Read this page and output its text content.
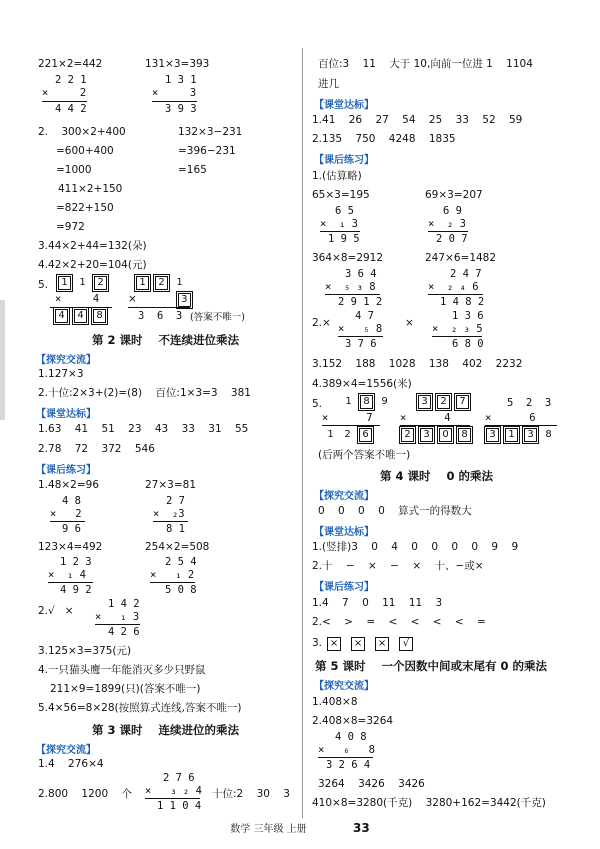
221×2=442	131×3=393
2 2 1
×     2
4 4 2
1 3 1
×     3
3 9 3
2.    300×2+400	132×3−231
=600+400	=396−231
=1000	=165
411×2+150
=822+150
=972
3.44×2+44=132(朵)
4.42×2+20=104(元)
5.	1 1 2
×     4
4 4 8
1 2 1
×	3
3  6  3 (答案不唯一)
第 2 课时    不连续进位乘法
【探究交流】
1.127×3
2.十位:2×3+(2)=(8)    百位:1×3=3    381
【课堂达标】
1.63    41    51    23    43    33    31    55
2.78    72    372    546
【课后练习】
1.48×2=96	27×3=81
4 8
×   2
9 6
2 7
×  ₂3
8 1
123×4=492	254×2=508
1 2 3
×  ₁ 4
4 9 2
2 5 4
×   ₁ 2
5 0 8
2.√   ×
1 4 2
×   ₁ 3
4 2 6
3.125×3=375(元)
4.一只猫头鹰一年能消灭多少只野鼠
211×9=1899(只)(答案不唯一)
5.4×56=8×28(按照算式连线,答案不唯一)
第 3 课时    连续进位的乘法
【探究交流】
1.4    276×4
2 7 6
×   ₃ ₂ 4
1 1 0 4
2.800    1200    个	十位:2    30    3
百位:3    11    大于 10,向前一位进 1    1104
进几
【课堂达标】
1.41    26    27    54    25    33    52    59
2.135    750    4248    1835
【课后练习】
1.(估算略)
65×3=195	69×3=207
6 5
×  ₁ 3
1 9 5
6 9
×  ₂ 3
2 0 7
364×8=2912	247×6=1482
3 6 4
×  ₅ ₃ 8
2 9 1 2
2 4 7
×  ₂ ₄ 6
1 4 8 2
2.×
4 7
×   ₅ 8
3 7 6
×
1 3 6
×  ₂ ₃ 5
6 8 0
3.152    188    1028    138    402    2232
4.389×4=1556(米)
5.	1 8 9
×      7
1 2 6
3 2 7
×      4
2 3 0 8
5  2  3
×      6
3 1 3 8
(后两个答案不唯一)
第 4 课时    0 的乘法
【探究交流】
0    0    0    0    算式一的得数大
【课堂达标】
1.(竖排)3    0    4    0    0    0    0    9    9
2.十    −    ×    −    ×    十、−或×
【课后练习】
1.4    7    0    11    11    3
2.<    >    =    <    <    <    <    =
3. × × × √
第 5 课时    一个因数中间或末尾有 0 的乘法
【探究交流】
1.408×8
2.408×8=3264
4 0 8
×   ₆   8
3 2 6 4
3264    3426    3426
410×8=3280(千克)    3280+162=3442(千克)
数学 三年级 上册	33
